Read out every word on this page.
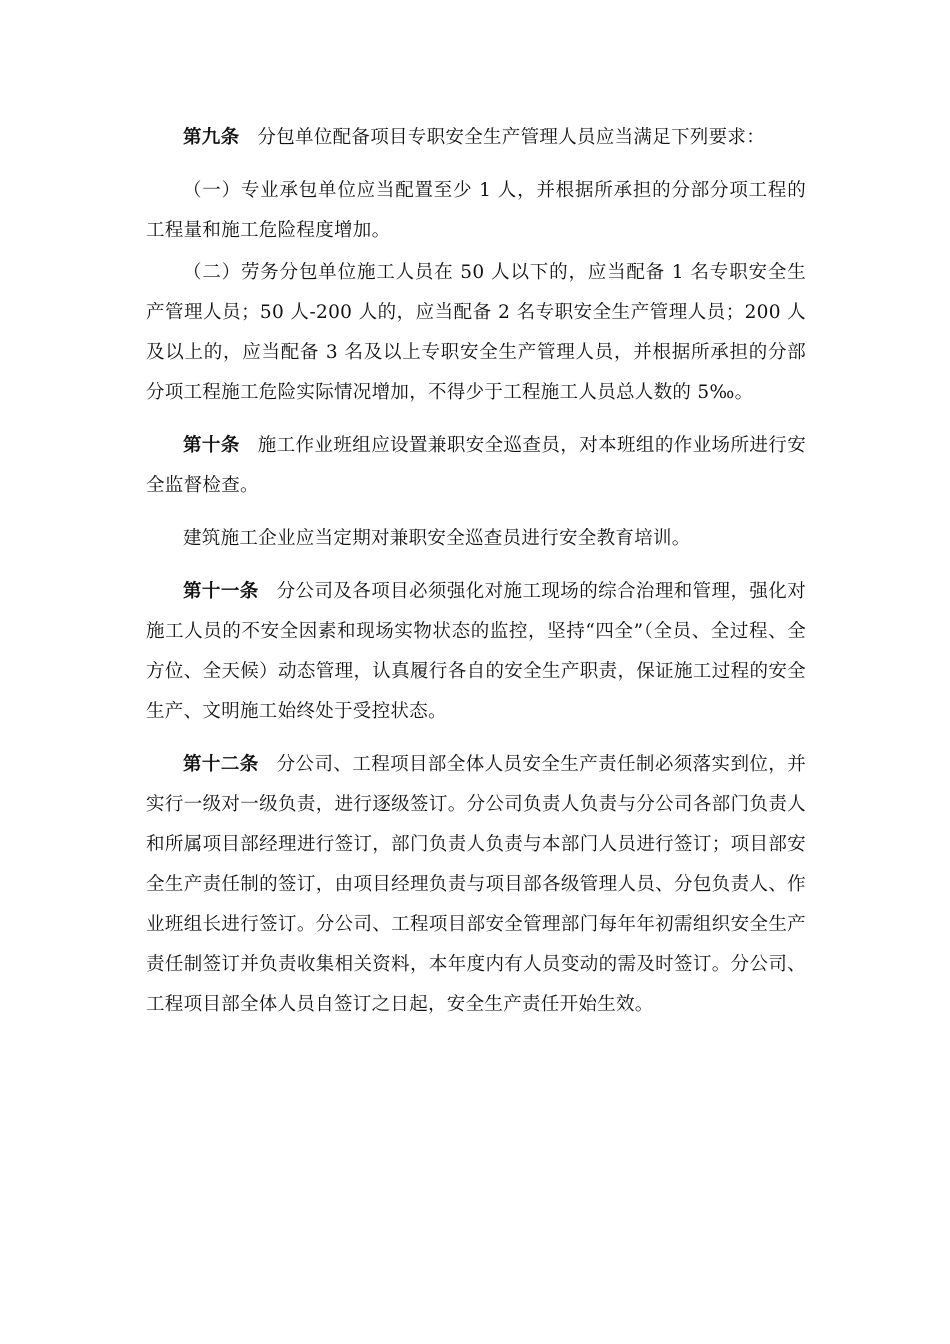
第九条 分包单位配备项目专职安全生产管理人员应当满足下列要求：

（一）专业承包单位应当配置至少 1 人，并根据所承担的分部分项工程的工程量和施工危险程度增加。

（二）劳务分包单位施工人员在 50 人以下的，应当配备 1 名专职安全生产管理人员；50 人-200 人的，应当配备 2 名专职安全生产管理人员；200 人及以上的，应当配备 3 名及以上专职安全生产管理人员，并根据所承担的分部分项工程施工危险实际情况增加，不得少于工程施工人员总人数的 5‰。

第十条 施工作业班组应设置兼职安全巡查员，对本班组的作业场所进行安全监督检查。

建筑施工企业应当定期对兼职安全巡查员进行安全教育培训。

第十一条 分公司及各项目必须强化对施工现场的综合治理和管理，强化对施工人员的不安全因素和现场实物状态的监控，坚持“四全”（全员、全过程、全方位、全天候）动态管理，认真履行各自的安全生产职责，保证施工过程的安全生产、文明施工始终处于受控状态。

第十二条 分公司、工程项目部全体人员安全生产责任制必须落实到位，并实行一级对一级负责，进行逐级签订。分公司负责人负责与分公司各部门负责人和所属项目部经理进行签订，部门负责人负责与本部门人员进行签订；项目部安全生产责任制的签订，由项目经理负责与项目部各级管理人员、分包负责人、作业班组长进行签订。分公司、工程项目部安全管理部门每年年初需组织安全生产责任制签订并负责收集相关资料，本年度内有人员变动的需及时签订。分公司、工程项目部全体人员自签订之日起，安全生产责任开始生效。
